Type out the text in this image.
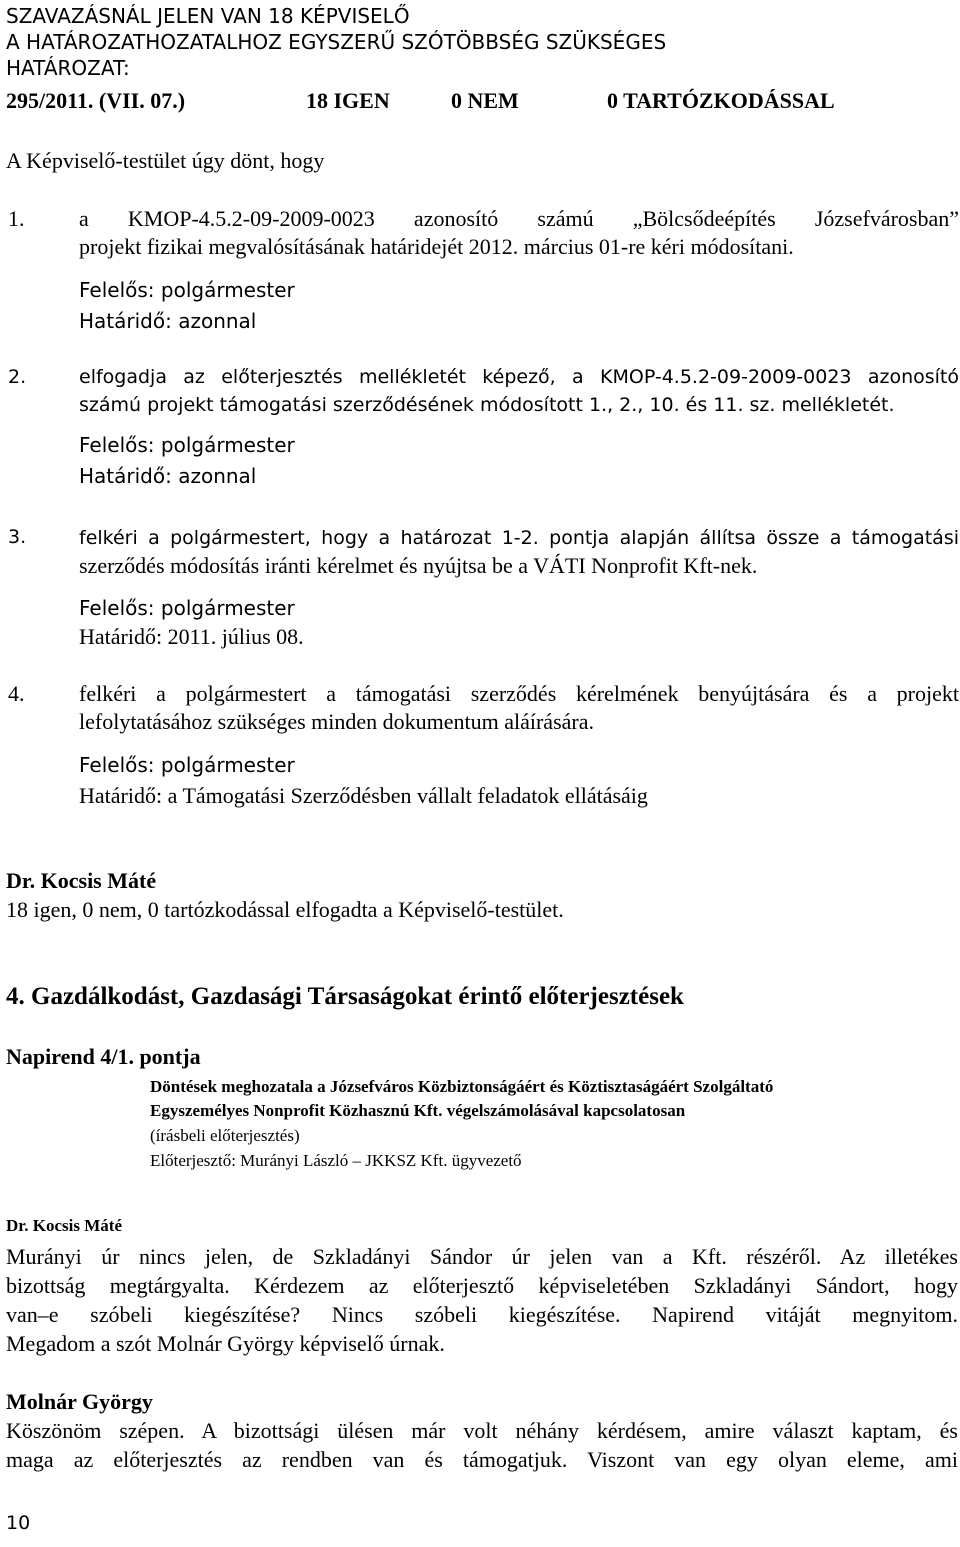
SZAVAZÁSNÁL JELEN VAN 18 KÉPVISELŐ
A HATÁROZATHOZATALHOZ EGYSZERŰ SZÓTÖBBSÉG SZÜKSÉGES
HATÁROZAT:
295/2011. (VII. 07.)	18 IGEN	0 NEM	0 TARTÓZKODÁSSAL
A Képviselő-testület úgy dönt, hogy
1. a KMOP-4.5.2-09-2009-0023 azonosító számú „Bölcsődeépítés Józsefvárosban”
projekt fizikai megvalósításának határidejét 2012. március 01-re kéri módosítani.
Felelős: polgármester
Határidő: azonnal
2.	elfogadja az előterjesztés mellékletét képező, a KMOP-4.5.2-09-2009-0023 azonosító
számú projekt támogatási szerződésének módosított 1., 2., 10. és 11. sz. mellékletét.
Felelős: polgármester
Határidő: azonnal
3.	felkéri a polgármestert, hogy a határozat 1-2. pontja alapján állítsa össze a támogatási
szerződés módosítás iránti kérelmet és nyújtsa be a VÁTI Nonprofit Kft-nek.
Felelős: polgármester
Határidő: 2011. július 08.
4. felkéri a polgármestert a támogatási szerződés kérelmének benyújtására és a projekt
lefolytatásához szükséges minden dokumentum aláírására.
Felelős: polgármester
Határidő: a Támogatási Szerződésben vállalt feladatok ellátásáig
Dr. Kocsis Máté
18 igen, 0 nem, 0 tartózkodással elfogadta a Képviselő-testület.
4. Gazdálkodást, Gazdasági Társaságokat érintő előterjesztések
Napirend 4/1. pontja
Döntések meghozatala a Józsefváros Közbiztonságáért és Köztisztaságáért Szolgáltató
Egyszemélyes Nonprofit Közhasznú Kft. végelszámolásával kapcsolatosan
(írásbeli előterjesztés)
Előterjesztő: Murányi László – JKKSZ Kft. ügyvezető
Dr. Kocsis Máté
Murányi úr nincs jelen, de Szkladányi Sándor úr jelen van a Kft. részéről. Az illetékes
bizottság megtárgyalta. Kérdezem az előterjesztő képviseletében Szkladányi Sándort, hogy
van–e szóbeli kiegészítése? Nincs szóbeli kiegészítése. Napirend vitáját megnyitom.
Megadom a szót Molnár György képviselő úrnak.
Molnár György
Köszönöm szépen. A bizottsági ülésen már volt néhány kérdésem, amire választ kaptam, és
maga az előterjesztés az rendben van és támogatjuk. Viszont van egy olyan eleme, ami
10
